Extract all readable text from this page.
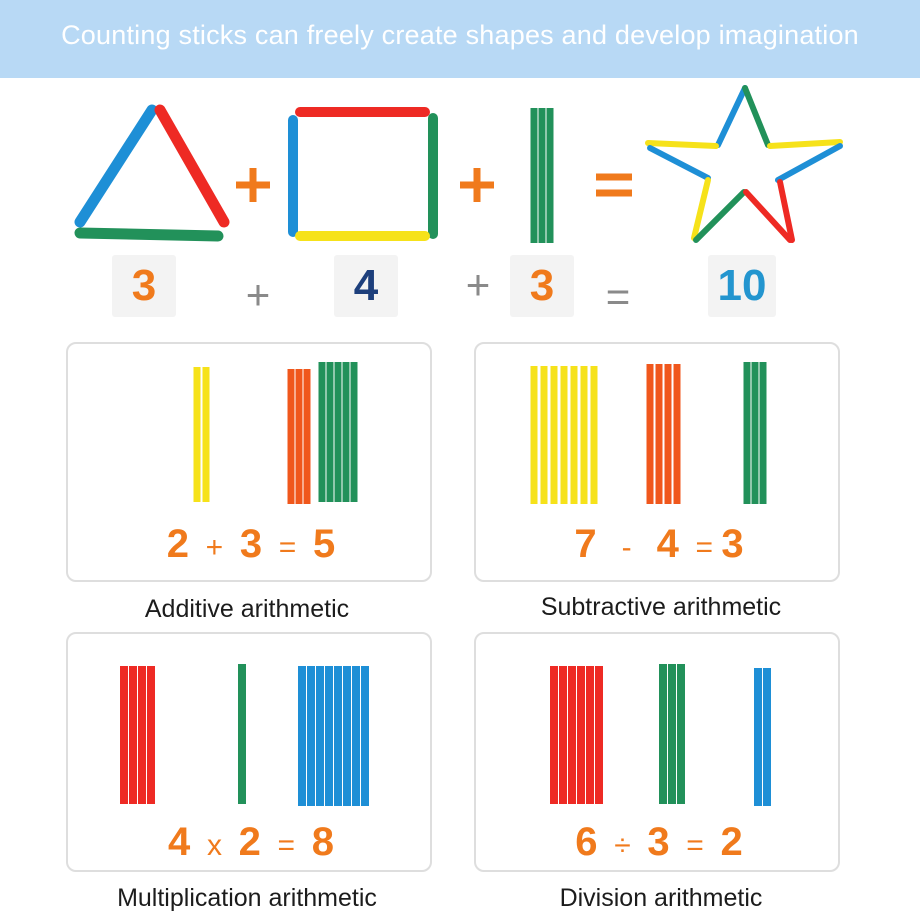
Counting sticks can freely create shapes and develop imagination
3	+	4	+ 3	= 10
2 + 3 = 5
Additive arithmetic
7 - 4 = 3
Subtractive arithmetic
4 x 2 = 8
Multiplication arithmetic
6 ÷ 3 = 2
Division arithmetic
